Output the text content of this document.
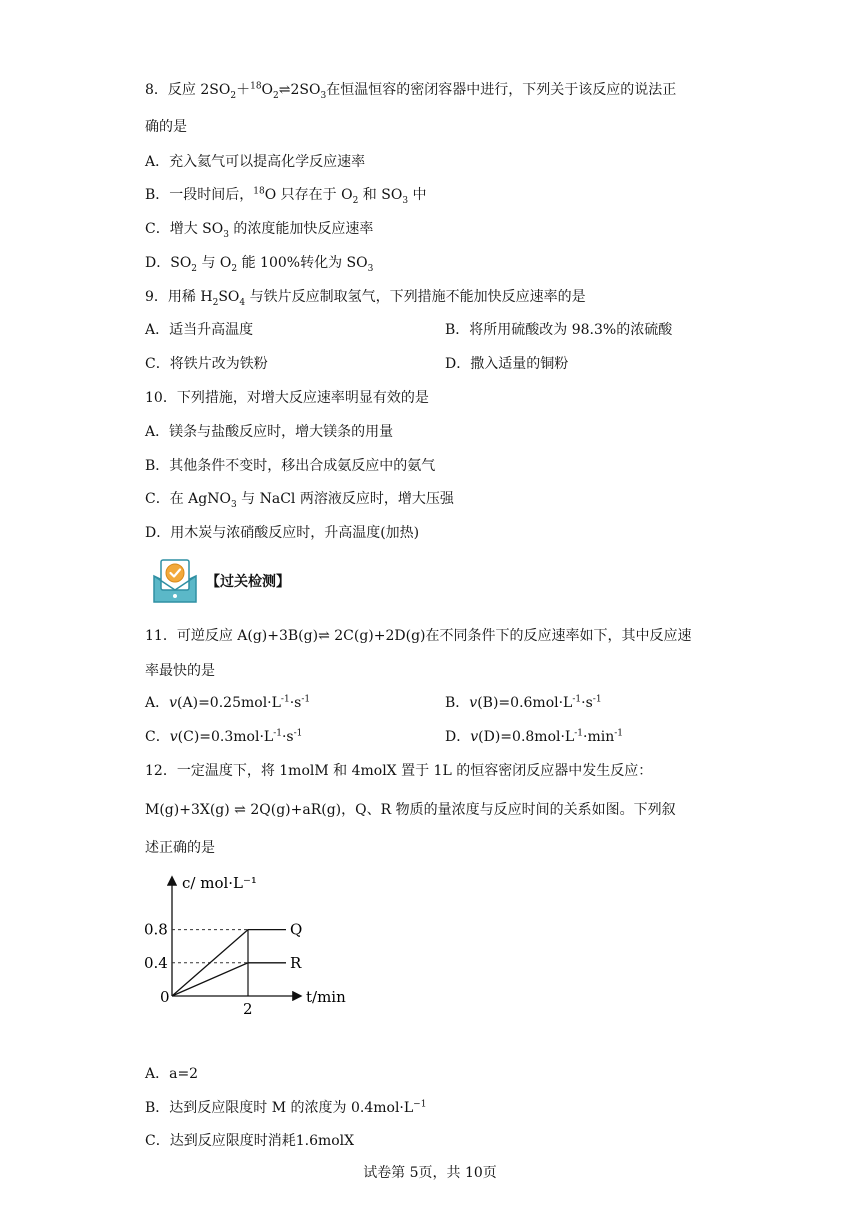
8．反应 $2SO_2+^{18}O_2\rightleftharpoons 2SO_3$在恒温恒容的密闭容器中进行，下列关于该反应的说法正
确的是
A．充入氦气可以提高化学反应速率
B．一段时间后，$^{18}$O 只存在于 $O_2$ 和 $SO_3$ 中
C．增大 $SO_3$ 的浓度能加快反应速率
D．$SO_2$ 与 $O_2$ 能 100%转化为 $SO_3$
9．用稀 $H_2SO_4$ 与铁片反应制取氢气，下列措施不能加快反应速率的是
A．适当升高温度	B．将所用硫酸改为 98.3%的浓硫酸
C．将铁片改为铁粉	D．撒入适量的铜粉
10．下列措施，对增大反应速率明显有效的是
A．镁条与盐酸反应时，增大镁条的用量
B．其他条件不变时，移出合成氨反应中的氨气
C．在 AgNO$_3$ 与 NaCl 两溶液反应时，增大压强
D．用木炭与浓硝酸反应时，升高温度(加热)
【过关检测】
11．可逆反应 A(g)+3B(g)⇌ 2C(g)+2D(g)在不同条件下的反应速率如下，其中反应速
率最快的是
A．$v(A)=0.25mol\cdot L^{-1}\cdot s^{-1}$	B．$v(B)=0.6mol\cdot L^{-1}\cdot s^{-1}$
C．$v(C)=0.3mol\cdot L^{-1}\cdot s^{-1}$	D．$v(D)=0.8mol\cdot L^{-1}\cdot\min^{-1}$
12．一定温度下，将 1molM 和 4molX 置于 1L 的恒容密闭反应器中发生反应：
M(g)+3X(g) ⇌ 2Q(g)+aR(g)，Q、R 物质的量浓度与反应时间的关系如图。下列叙
述正确的是
c/ mol·L⁻¹
t/min
0
0.8
0.4
2
Q
R
A．a=2
B．达到反应限度时 M 的浓度为 $0.4mol\cdot L^{-1}$
C．达到反应限度时消耗1.6molX
试卷第 5页，共 10页
